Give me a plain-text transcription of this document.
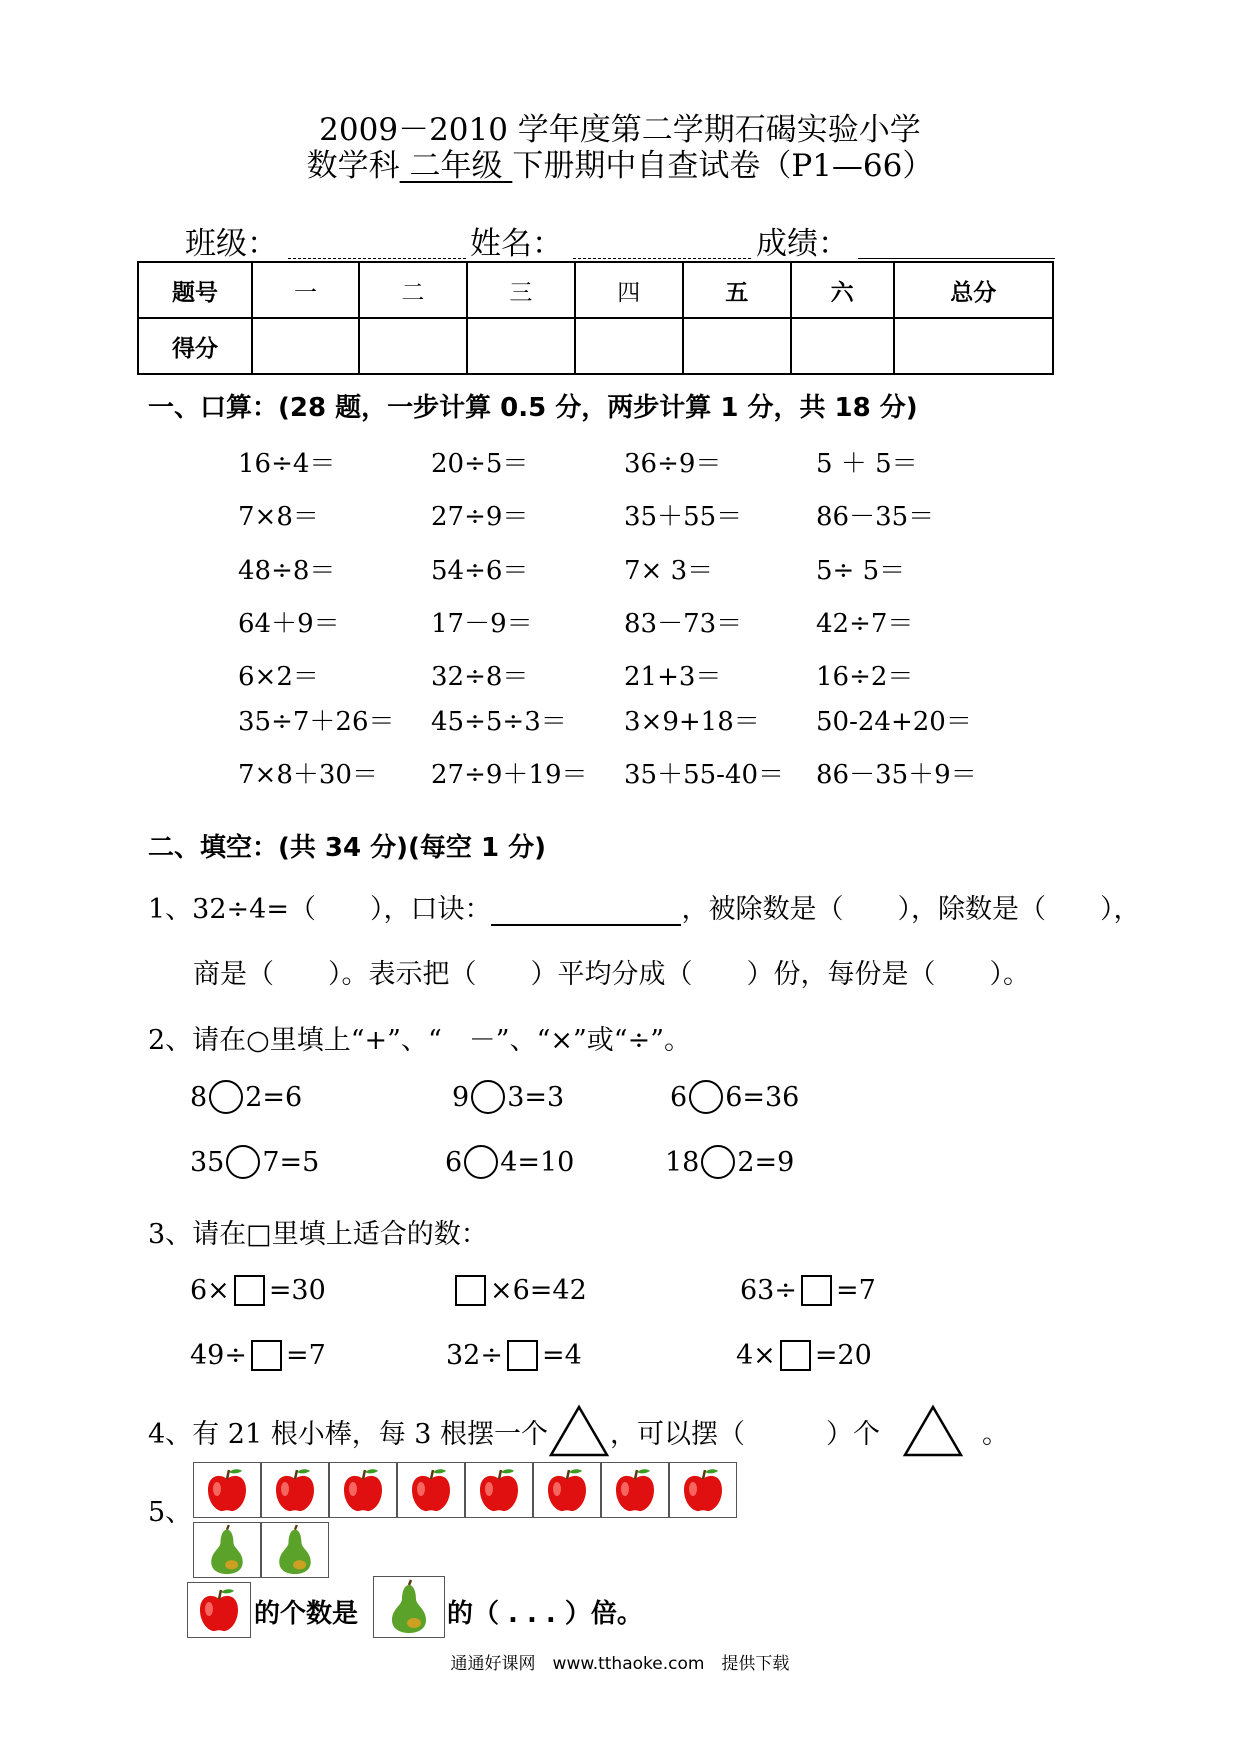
2009－2010 学年度第二学期石碣实验小学
数学科 二年级 下册期中自查试卷（P1—66）
班级：	姓名：	成绩：
题号	一	二	三	四	五	六	总分
得分							
一、口算：(28 题，一步计算 0.5 分，两步计算 1 分，共 18 分)
16÷4＝	20÷5＝	36÷9＝	5 ＋ 5＝
7×8＝	27÷9＝	35＋55＝	86－35＝
48÷8＝	54÷6＝	7× 3＝	5÷ 5＝
64＋9＝	17－9＝	83－73＝	42÷7＝
6×2＝	32÷8＝	21+3＝	16÷2＝
35÷7＋26＝ 45÷5÷3＝ 3×9+18＝ 50-24+20＝
7×8＋30＝ 27÷9＋19＝ 35＋55-40＝ 86－35＋9＝
二、填空：(共 34 分)(每空 1 分)
1、32÷4=（　　），口诀：	，被除数是（　　），除数是（　　），
商是（　　）。表示把（　　）平均分成（　　）份，每份是（　　）。
2、请在○里填上“+”、“　－”、“×”或“÷”。
8 2=6	9 3=3	6 6=36
35 7=5	6 4=10	18 2=9
3、请在□里填上适合的数：
6× =30	×6=42	63÷ =7
49÷ =7	32÷ =4	4× =20
4、有 21 根小棒，每 3 根摆一个 ，可以摆（　　　）个	。
5、
的个数是	的（ . . . ）倍。
通通好课网　www.tthaoke.com　提供下载
